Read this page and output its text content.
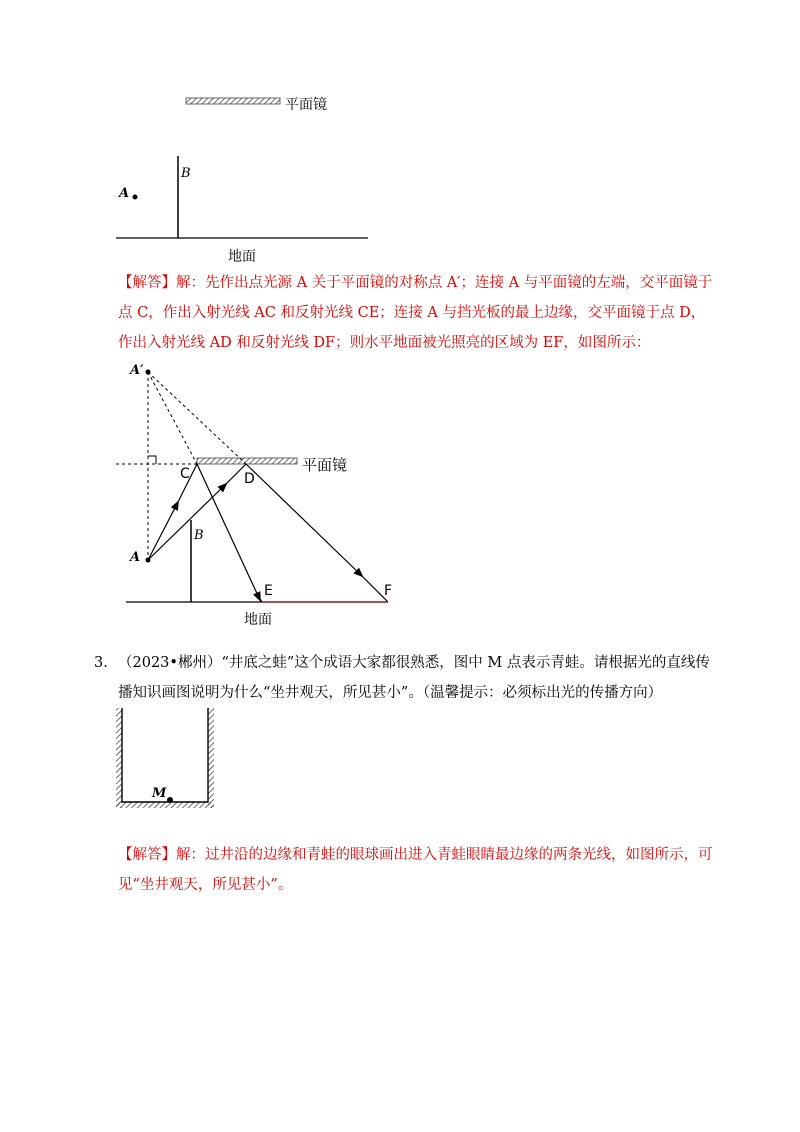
平面镜
B
A
地面
【解答】解：先作出点光源 A 关于平面镜的对称点 A′；连接 A 与平面镜的左端，交平面镜于点 C，作出入射光线 AC 和反射光线 CE；连接 A 与挡光板的最上边缘，交平面镜于点 D，作出入射光线 AD 和反射光线 DF；则水平地面被光照亮的区域为 EF，如图所示：
A′
C	D
B
A
E	F
平面镜
地面
3. （2023•郴州）“井底之蛙”这个成语大家都很熟悉，图中 M 点表示青蛙。请根据光的直线传播知识画图说明为什么“坐井观天，所见甚小”。（温馨提示：必须标出光的传播方向）
M
【解答】解：过井沿的边缘和青蛙的眼球画出进入青蛙眼睛最边缘的两条光线，如图所示，可见“坐井观天，所见甚小”。
